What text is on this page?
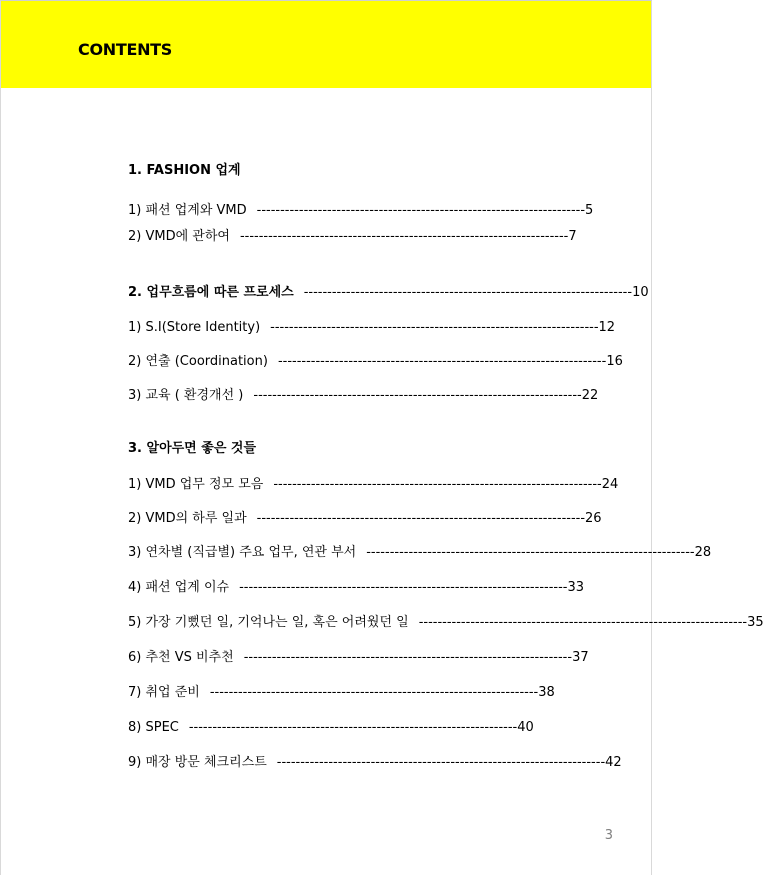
CONTENTS
1. FASHION 업계
1) 패션 업계와 VMD ---------------------------------------------------------------------- 5
2) VMD에 관하여 ---------------------------------------------------------------------- 7
2. 업무흐름에 따른 프로세스 ---------------------------------------------------------------------- 10
1) S.I(Store Identity) ---------------------------------------------------------------------- 12
2) 연출 (Coordination) ---------------------------------------------------------------------- 16
3) 교육 ( 환경개선 ) ---------------------------------------------------------------------- 22
3. 알아두면 좋은 것들
1) VMD 업무 정모 모음 ---------------------------------------------------------------------- 24
2) VMD의 하루 일과 ---------------------------------------------------------------------- 26
3) 연차별 (직급별) 주요 업무, 연관 부서 ---------------------------------------------------------------------- 28
4) 패션 업계 이슈 ---------------------------------------------------------------------- 33
5) 가장 기뻤던 일, 기억나는 일, 혹은 어려웠던 일 ---------------------------------------------------------------------- 35
6) 추천 VS 비추천 ---------------------------------------------------------------------- 37
7) 취업 준비 ---------------------------------------------------------------------- 38
8) SPEC ---------------------------------------------------------------------- 40
9) 매장 방문 체크리스트 ---------------------------------------------------------------------- 42
3
